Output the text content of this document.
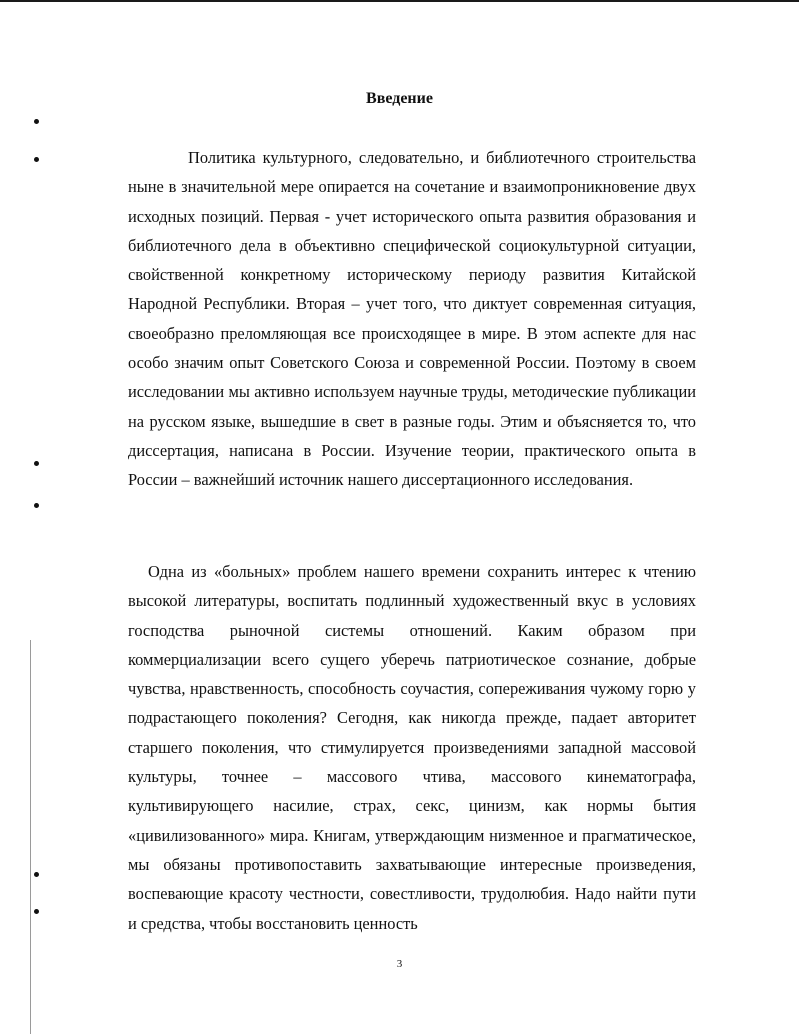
Введение

Политика культурного, следовательно, и библиотечного строительства ныне в значительной мере опирается на сочетание и взаимопроникновение двух исходных позиций. Первая - учет исторического опыта развития образования и библиотечного дела в объективно специфической социокультурной ситуации, свойственной конкретному историческому периоду развития Китайской Народной Республики. Вторая – учет того, что диктует современная ситуация, своеобразно преломляющая все происходящее в мире. В этом аспекте для нас особо значим опыт Советского Союза и современной России. Поэтому в своем исследовании мы активно используем научные труды, методические публикации на русском языке, вышедшие в свет в разные годы. Этим и объясняется то, что диссертация, написана в России. Изучение теории, практического опыта в России – важнейший источник нашего диссертационного исследования.

Одна из «больных» проблем нашего времени сохранить интерес к чтению высокой литературы, воспитать подлинный художественный вкус в условиях господства рыночной системы отношений. Каким образом при коммерциализации всего сущего уберечь патриотическое сознание, добрые чувства, нравственность, способность соучастия, сопереживания чужому горю у подрастающего поколения? Сегодня, как никогда прежде, падает авторитет старшего поколения, что стимулируется произведениями западной массовой культуры, точнее – массового чтива, массового кинематографа, культивирующего насилие, страх, секс, цинизм, как нормы бытия «цивилизованного» мира. Книгам, утверждающим низменное и прагматическое, мы обязаны противопоставить захватывающие интересные произведения, воспевающие красоту честности, совестливости, трудолюбия. Надо найти пути и средства, чтобы восстановить ценность

3
